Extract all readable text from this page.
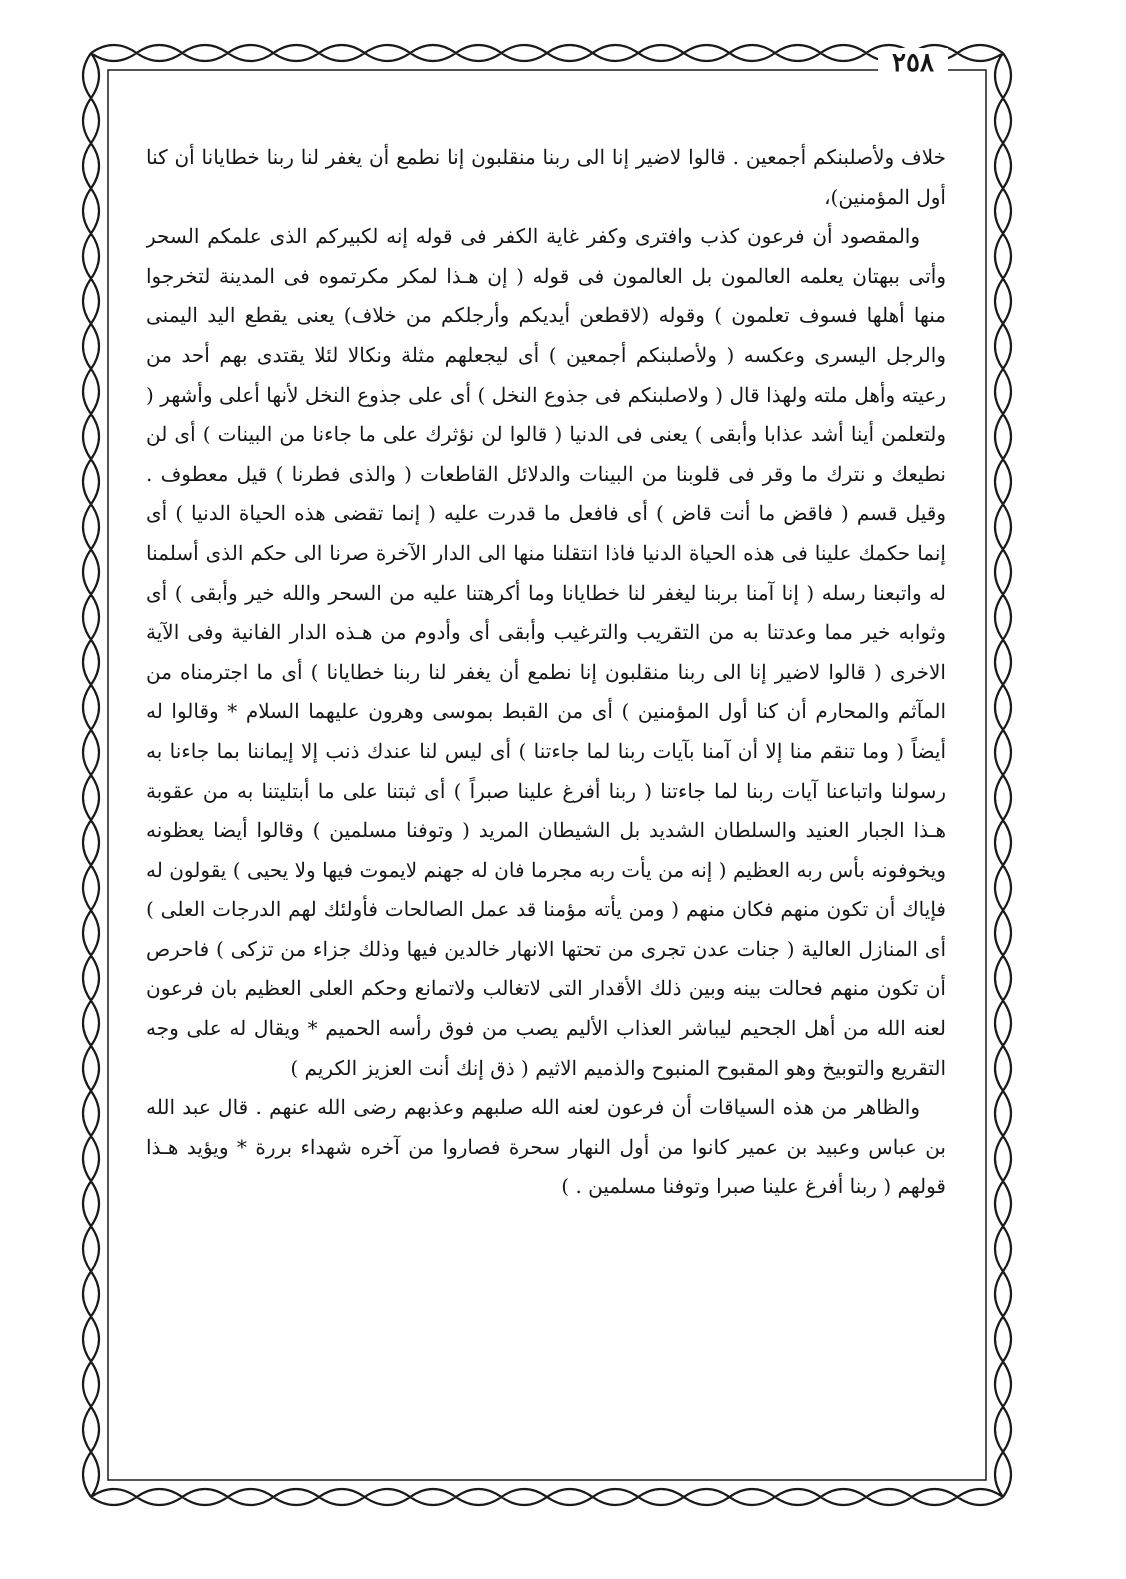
٢٥٨

خلاف ولأصلبنكم أجمعين . قالوا لاضير إنا الى ربنا منقلبون إنا نطمع أن يغفر لنا ربنا خطايانا أن كنا أول المؤمنين)،

والمقصود أن فرعون كذب وافترى وكفر غاية الكفر فى قوله إنه لكبيركم الذى علمكم السحر وأتى ببهتان يعلمه العالمون بل العالمون فى قوله ( إن هـذا لمكر مكرتموه فى المدينة لتخرجوا منها أهلها فسوف تعلمون ) وقوله (لاقطعن أيديكم وأرجلكم من خلاف) يعنى يقطع اليد اليمنى والرجل اليسرى وعكسه ( ولأصلبنكم أجمعين ) أى ليجعلهم مثلة ونكالا لئلا يقتدى بهم أحد من رعيته وأهل ملته ولهذا قال ( ولاصلبنكم فى جذوع النخل ) أى على جذوع النخل لأنها أعلى وأشهر ( ولتعلمن أينا أشد عذابا وأبقى ) يعنى فى الدنيا ( قالوا لن نؤثرك على ما جاءنا من البينات ) أى لن نطيعك و نترك ما وقر فى قلوبنا من البينات والدلائل القاطعات ( والذى فطرنا ) قيل معطوف . وقيل قسم ( فاقض ما أنت قاض ) أى فافعل ما قدرت عليه ( إنما تقضى هذه الحياة الدنيا ) أى إنما حكمك علينا فى هذه الحياة الدنيا فاذا انتقلنا منها الى الدار الآخرة صرنا الى حكم الذى أسلمنا له واتبعنا رسله ( إنا آمنا بربنا ليغفر لنا خطايانا وما أكرهتنا عليه من السحر والله خير وأبقى ) أى وثوابه خير مما وعدتنا به من التقريب والترغيب وأبقى أى وأدوم من هـذه الدار الفانية وفى الآية الاخرى ( قالوا لاضير إنا الى ربنا منقلبون إنا نطمع أن يغفر لنا ربنا خطايانا ) أى ما اجترمناه من المآثم والمحارم أن كنا أول المؤمنين ) أى من القبط بموسى وهرون عليهما السلام * وقالوا له أيضاً ( وما تنقم منا إلا أن آمنا بآيات ربنا لما جاءتنا ) أى ليس لنا عندك ذنب إلا إيماننا بما جاءنا به رسولنا واتباعنا آيات ربنا لما جاءتنا ( ربنا أفرغ علينا صبراً ) أى ثبتنا على ما أبتليتنا به من عقوبة هـذا الجبار العنيد والسلطان الشديد بل الشيطان المريد ( وتوفنا مسلمين ) وقالوا أيضا يعظونه ويخوفونه بأس ربه العظيم ( إنه من يأت ربه مجرما فان له جهنم لايموت فيها ولا يحيى ) يقولون له فإياك أن تكون منهم فكان منهم ( ومن يأته مؤمنا قد عمل الصالحات فأولئك لهم الدرجات العلى ) أى المنازل العالية ( جنات عدن تجرى من تحتها الانهار خالدين فيها وذلك جزاء من تزكى ) فاحرص أن تكون منهم فحالت بينه وبين ذلك الأقدار التى لاتغالب ولاتمانع وحكم العلى العظيم بان فرعون لعنه الله من أهل الجحيم ليباشر العذاب الأليم يصب من فوق رأسه الحميم * ويقال له على وجه التقريع والتوبيخ وهو المقبوح المنبوح والذميم الاثيم ( ذق إنك أنت العزيز الكريم )

والظاهر من هذه السياقات أن فرعون لعنه الله صلبهم وعذبهم رضى الله عنهم . قال عبد الله بن عباس وعبيد بن عمير كانوا من أول النهار سحرة فصاروا من آخره شهداء بررة * ويؤيد هـذا قولهم ( ربنا أفرغ علينا صبرا وتوفنا مسلمين . )
